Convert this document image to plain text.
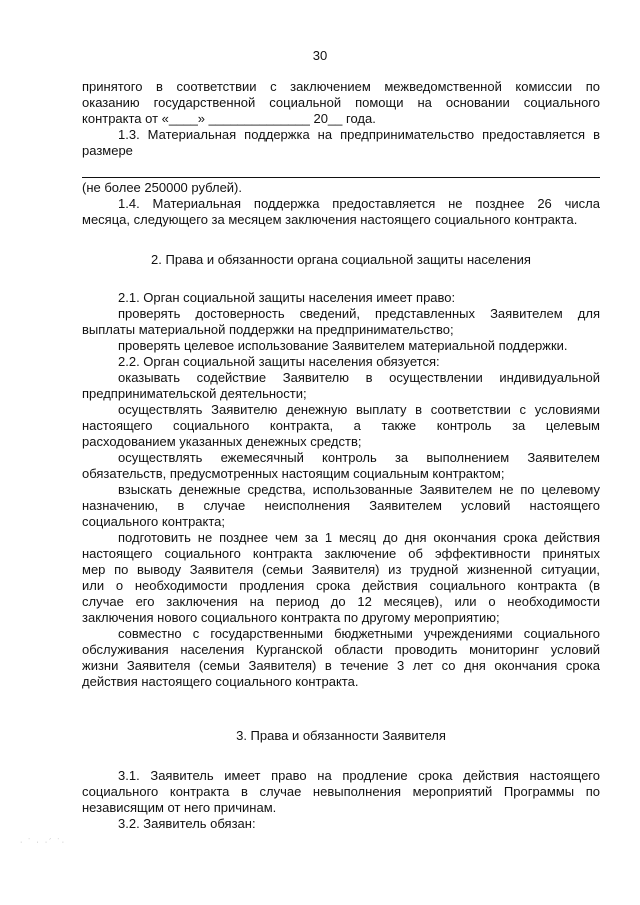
30
принятого в соответствии с заключением межведомственной комиссии по
оказанию государственной социальной помощи на основании социального
контракта от «____» ______________ 20__ года.
1.3. Материальная поддержка на предпринимательство предоставляется в
размере
(не более 250000 рублей).
1.4. Материальная поддержка предоставляется не позднее 26 числа
месяца, следующего за месяцем заключения настоящего социального контракта.
2. Права и обязанности органа социальной защиты населения
2.1. Орган социальной защиты населения имеет право:
проверять достоверность сведений, представленных Заявителем для
выплаты материальной поддержки на предпринимательство;
проверять целевое использование Заявителем материальной поддержки.
2.2. Орган социальной защиты населения обязуется:
оказывать содействие Заявителю в осуществлении индивидуальной
предпринимательской деятельности;
осуществлять Заявителю денежную выплату в соответствии с условиями
настоящего социального контракта, а также контроль за целевым
расходованием указанных денежных средств;
осуществлять ежемесячный контроль за выполнением Заявителем
обязательств, предусмотренных настоящим социальным контрактом;
взыскать денежные средства, использованные Заявителем не по целевому
назначению, в случае неисполнения Заявителем условий настоящего
социального контракта;
подготовить не позднее чем за 1 месяц до дня окончания срока действия
настоящего социального контракта заключение об эффективности принятых
мер по выводу Заявителя (семьи Заявителя) из трудной жизненной ситуации,
или о необходимости продления срока действия социального контракта (в
случае его заключения на период до 12 месяцев), или о необходимости
заключения нового социального контракта по другому мероприятию;
совместно с государственными бюджетными учреждениями социального
обслуживания населения Курганской области проводить мониторинг условий
жизни Заявителя (семьи Заявителя) в течение 3 лет со дня окончания срока
действия настоящего социального контракта.
3. Права и обязанности Заявителя
3.1. Заявитель имеет право на продление срока действия настоящего
социального контракта в случае невыполнения мероприятий Программы по
независящим от него причинам.
3.2. Заявитель обязан:
· ˙ · ·´ ˙·
